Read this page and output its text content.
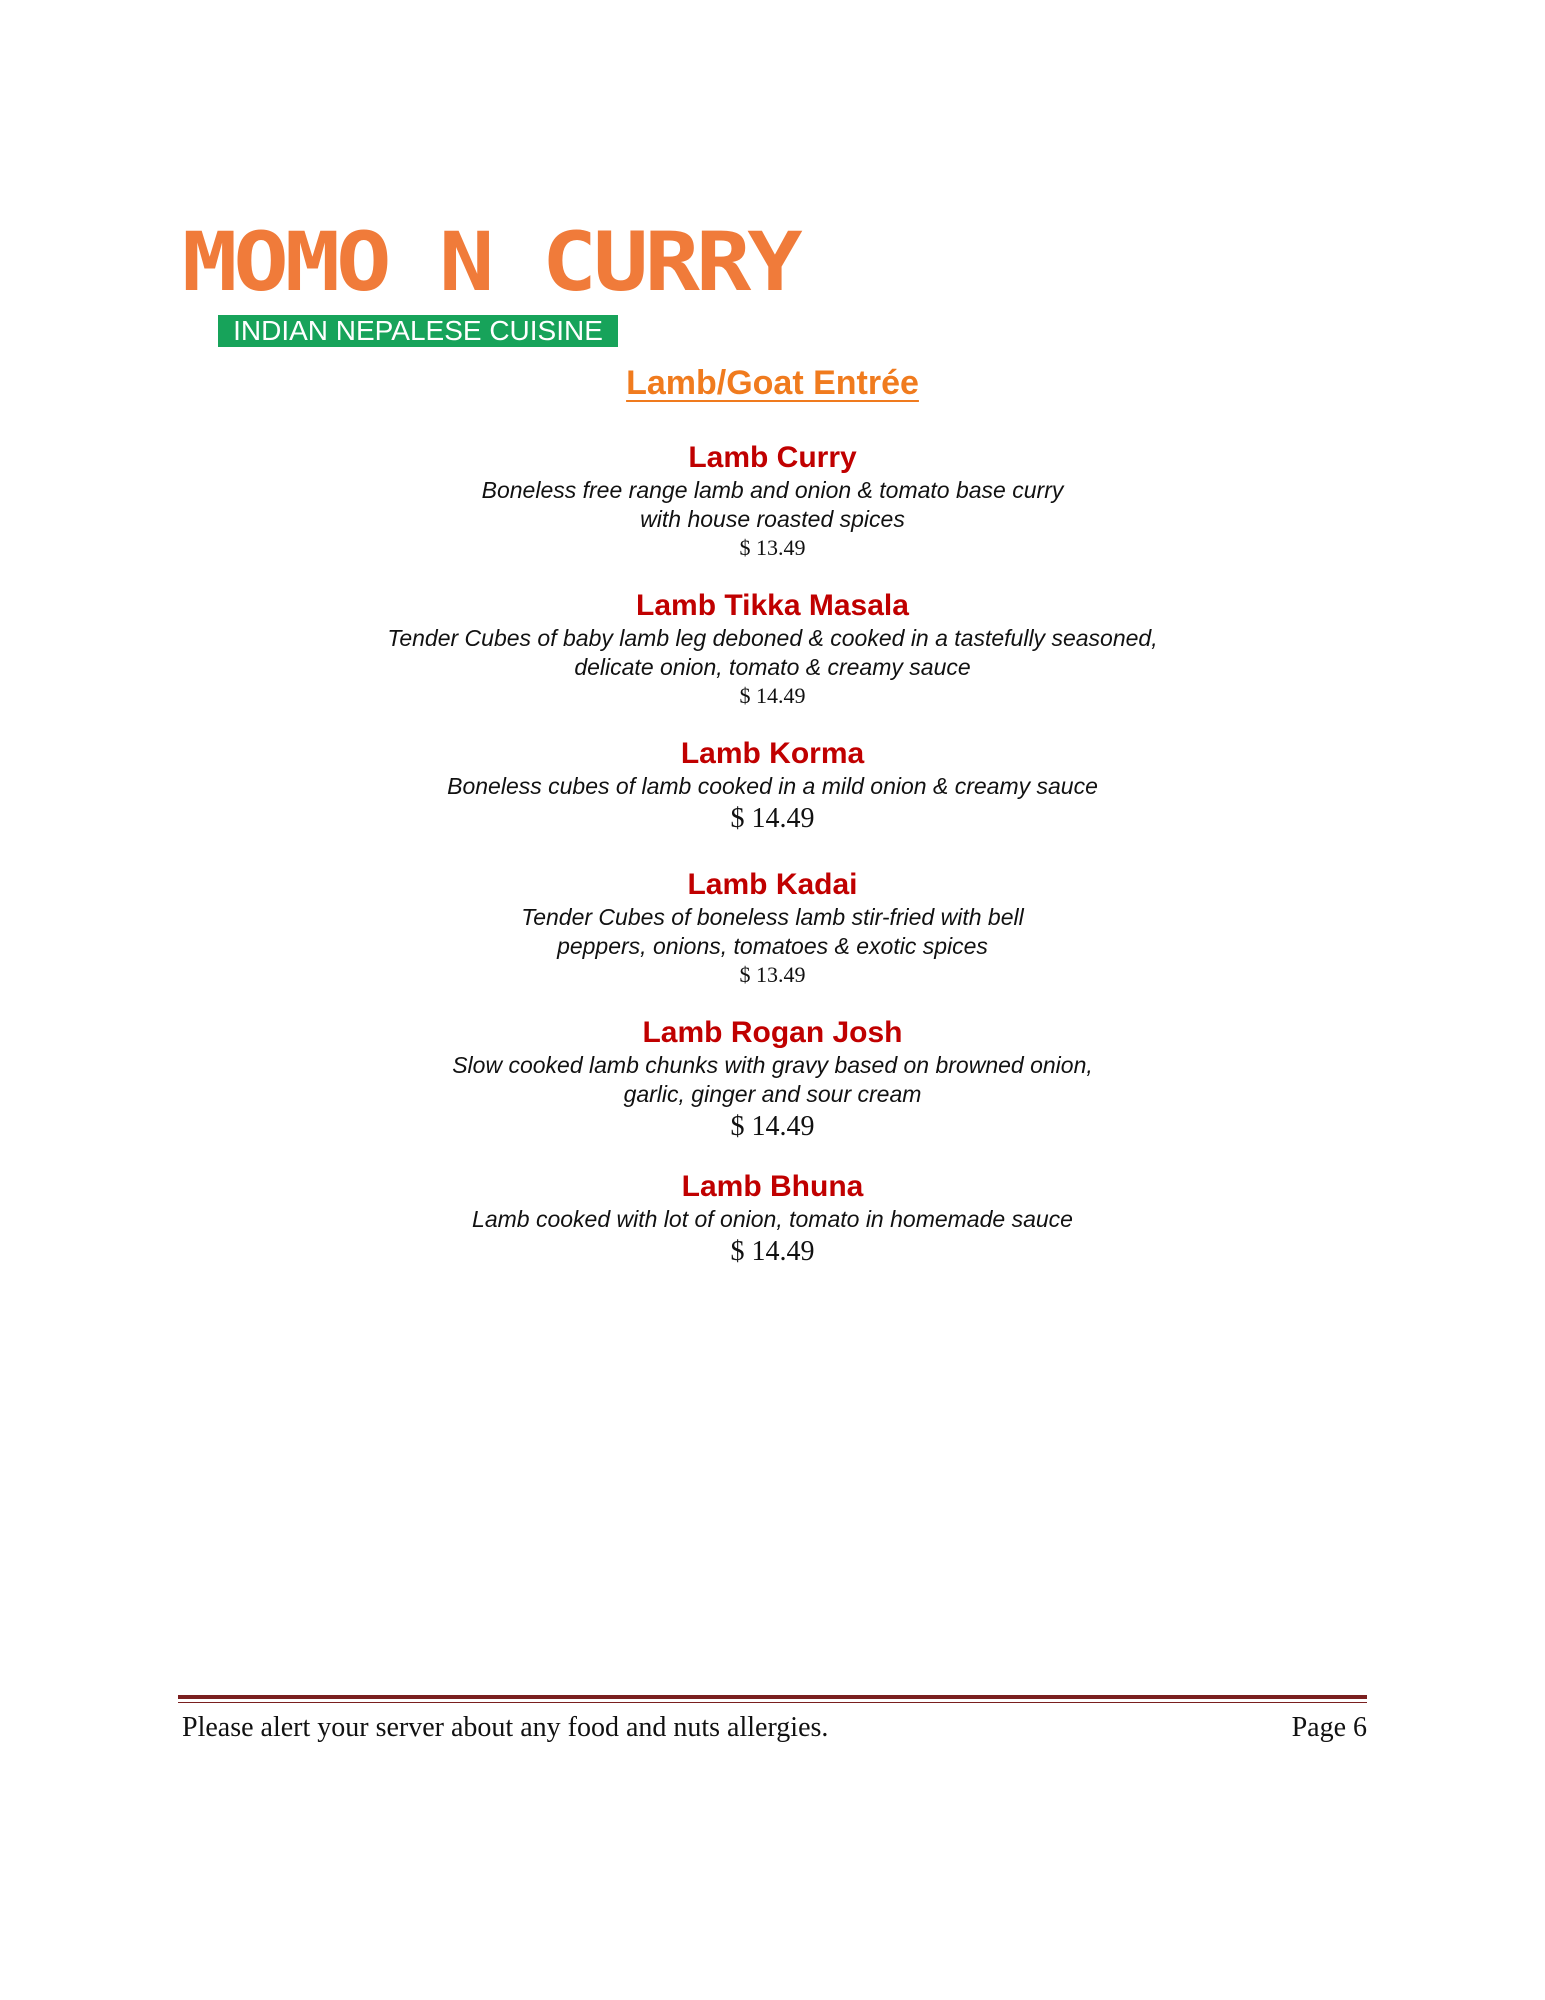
MOMO N CURRY
INDIAN NEPALESE CUISINE
Lamb/Goat Entrée
Lamb Curry
Boneless free range lamb and onion & tomato base curry
with house roasted spices
$ 13.49
Lamb Tikka Masala
Tender Cubes of baby lamb leg deboned & cooked in a tastefully seasoned,
delicate onion, tomato & creamy sauce
$ 14.49
Lamb Korma
Boneless cubes of lamb cooked in a mild onion & creamy sauce
$ 14.49
Lamb Kadai
Tender Cubes of boneless lamb stir-fried with bell
peppers, onions, tomatoes & exotic spices
$ 13.49
Lamb Rogan Josh
Slow cooked lamb chunks with gravy based on browned onion,
garlic, ginger and sour cream
$ 14.49
Lamb Bhuna
Lamb cooked with lot of onion, tomato in homemade sauce
$ 14.49
Please alert your server about any food and nuts allergies.	Page 6
